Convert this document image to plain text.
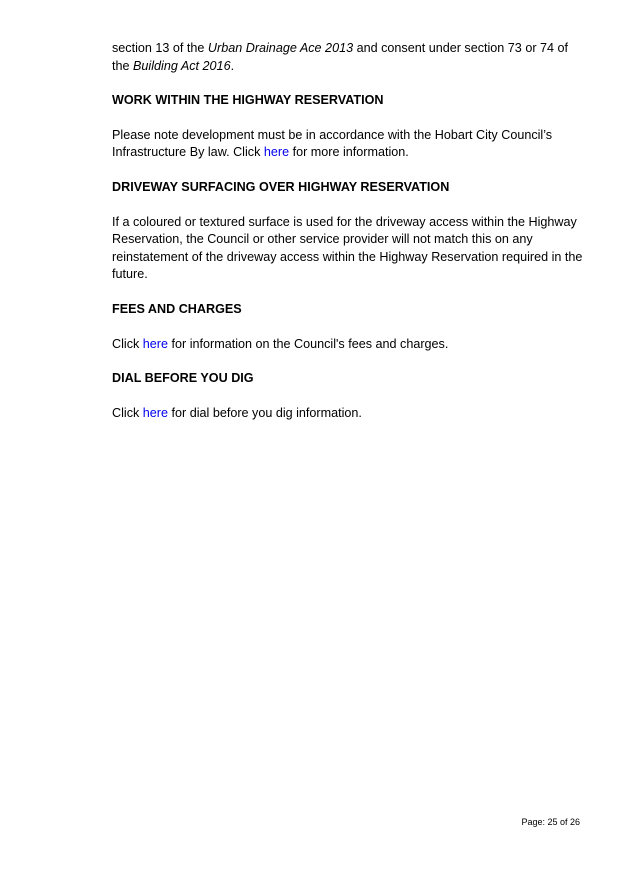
section 13 of the Urban Drainage Ace 2013 and consent under section 73 or 74 of the Building Act 2016.

WORK WITHIN THE HIGHWAY RESERVATION

Please note development must be in accordance with the Hobart City Council’s Infrastructure By law. Click here for more information.

DRIVEWAY SURFACING OVER HIGHWAY RESERVATION

If a coloured or textured surface is used for the driveway access within the Highway Reservation, the Council or other service provider will not match this on any reinstatement of the driveway access within the Highway Reservation required in the future.

FEES AND CHARGES

Click here for information on the Council's fees and charges.

DIAL BEFORE YOU DIG

Click here for dial before you dig information.

Page: 25 of 26
